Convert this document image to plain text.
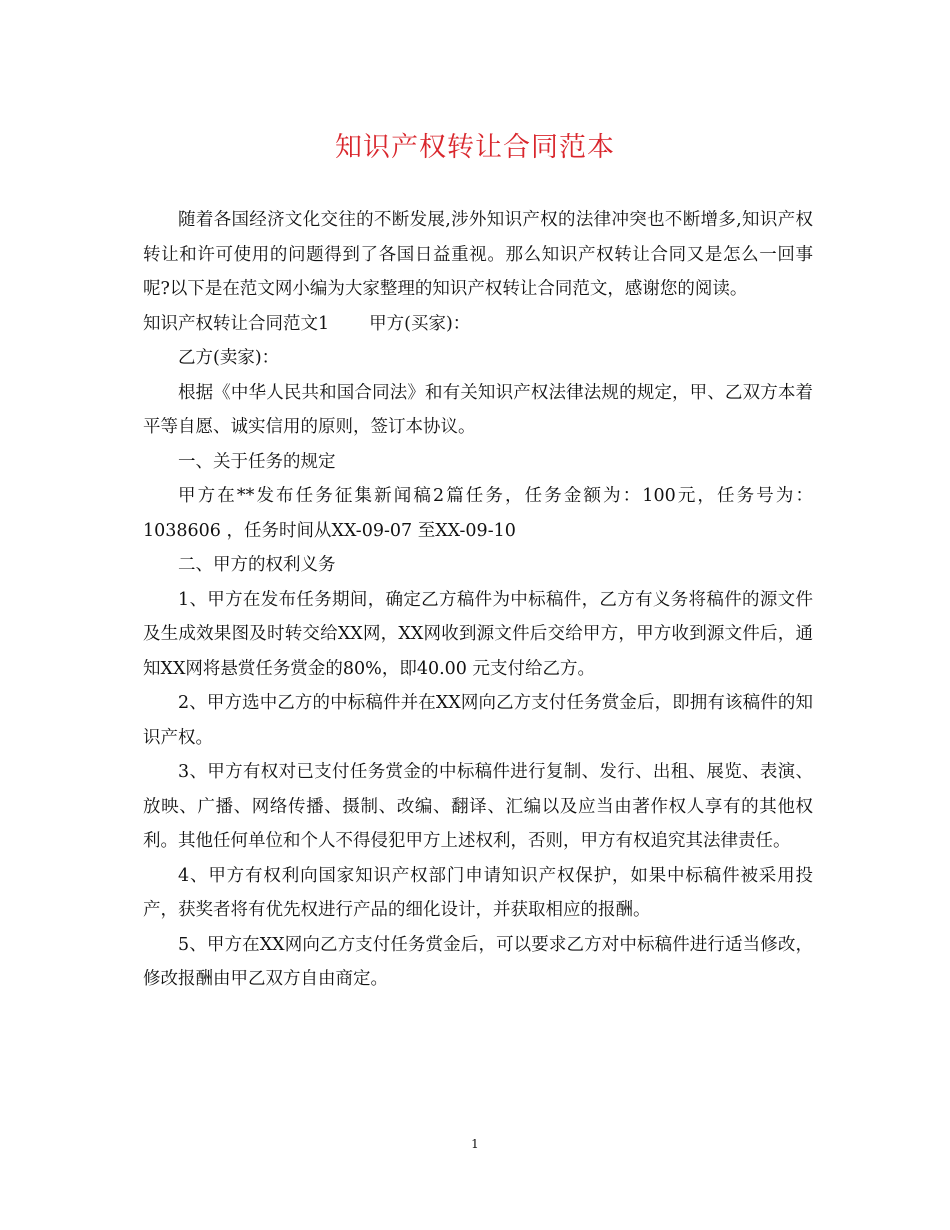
知识产权转让合同范本

随着各国经济文化交往的不断发展,涉外知识产权的法律冲突也不断增多,知识产权转让和许可使用的问题得到了各国日益重视。那么知识产权转让合同又是怎么一回事呢?以下是在范文网小编为大家整理的知识产权转让合同范文，感谢您的阅读。

知识产权转让合同范文1 甲方(买家)：

乙方(卖家)：

根据《中华人民共和国合同法》和有关知识产权法律法规的规定，甲、乙双方本着平等自愿、诚实信用的原则，签订本协议。

一、关于任务的规定

甲方在**发布任务征集新闻稿2篇任务，任务金额为：100元，任务号为：1038606 ，任务时间从XX-09-07 至XX-09-10

二、甲方的权利义务

1、甲方在发布任务期间，确定乙方稿件为中标稿件，乙方有义务将稿件的源文件及生成效果图及时转交给XX网，XX网收到源文件后交给甲方，甲方收到源文件后，通知XX网将悬赏任务赏金的80%，即40.00 元支付给乙方。

2、甲方选中乙方的中标稿件并在XX网向乙方支付任务赏金后，即拥有该稿件的知识产权。

3、甲方有权对已支付任务赏金的中标稿件进行复制、发行、出租、展览、表演、放映、广播、网络传播、摄制、改编、翻译、汇编以及应当由著作权人享有的其他权利。其他任何单位和个人不得侵犯甲方上述权利，否则，甲方有权追究其法律责任。

4、甲方有权利向国家知识产权部门申请知识产权保护，如果中标稿件被采用投产，获奖者将有优先权进行产品的细化设计，并获取相应的报酬。

5、甲方在XX网向乙方支付任务赏金后，可以要求乙方对中标稿件进行适当修改，修改报酬由甲乙双方自由商定。

1
